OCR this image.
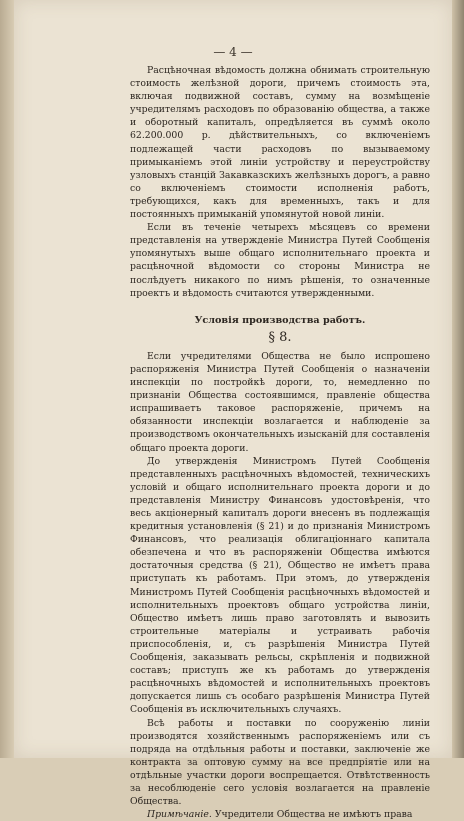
— 4 —

Расцѣночная вѣдомость должна обнимать строительную стоимость желѣзной дороги, причемъ стоимость эта, включая подвижной составъ, сумму на возмѣщеніе учредителямъ расходовъ по образованію общества, а также и оборотный капиталъ, опредѣляется въ суммѣ около 62.200.000 р. дѣйствительныхъ, со включеніемъ подлежащей части расходовъ по вызываемому примыканіемъ этой линіи устройству и переустройству узловыхъ станцій Закавказскихъ желѣзныхъ дорогъ, а равно со включеніемъ стоимости исполненія работъ, требующихся, какъ для временныхъ, такъ и для постоянныхъ примыканій упомянутой новой линіи.

Если въ теченіе четырехъ мѣсяцевъ со времени представленія на утвержденіе Министра Путей Сообщенія упомянутыхъ выше общаго исполнительнаго проекта и расцѣночной вѣдомости со стороны Министра не послѣдуетъ никакого по нимъ рѣшенія, то означенные проектъ и вѣдомость считаются утвержденными.

Условія производства работъ.
§ 8.

Если учредителями Общества не было испрошено распоряженія Министра Путей Сообщенія о назначеніи инспекціи по постройкѣ дороги, то, немедленно по признаніи Общества состоявшимся, правленіе общества испрашиваетъ таковое распоряженіе, причемъ на обязанности инспекціи возлагается и наблюденіе за производствомъ окончательныхъ изысканій для составленія общаго проекта дороги.

До утвержденія Министромъ Путей Сообщенія представленныхъ расцѣночныхъ вѣдомостей, техническихъ условій и общаго исполнительнаго проекта дороги и до представленія Министру Финансовъ удостовѣренія, что весь акціонерный капиталъ дороги внесенъ въ подлежащія кредитныя установленія (§ 21) и до признанія Министромъ Финансовъ, что реализація облигаціоннаго капитала обезпечена и что въ распоряженіи Общества имѣются достаточныя средства (§ 21), Общество не имѣетъ права приступать къ работамъ. При этомъ, до утвержденія Министромъ Путей Сообщенія расцѣночныхъ вѣдомостей и исполнительныхъ проектовъ общаго устройства линіи, Общество имѣетъ лишь право заготовлять и вывозить строительные матеріалы и устраивать рабочія приспособленія, и, съ разрѣшенія Министра Путей Сообщенія, заказывать рельсы, скрѣпленія и подвижной составъ; приступъ же къ работамъ до утвержденія расцѣночныхъ вѣдомостей и исполнительныхъ проектовъ допускается лишь съ особаго разрѣшенія Министра Путей Сообщенія въ исключительныхъ случаяхъ.

Всѣ работы и поставки по сооруженію линіи производятся хозяйственнымъ распоряженіемъ или съ подряда на отдѣльныя работы и поставки, заключеніе же контракта за оптовую сумму на все предпріятіе или на отдѣльные участки дороги воспрещается. Отвѣтственность за несоблюденіе сего условія возлагается на правленіе Общества.

Примѣчаніе. Учредители Общества не имѣютъ права
